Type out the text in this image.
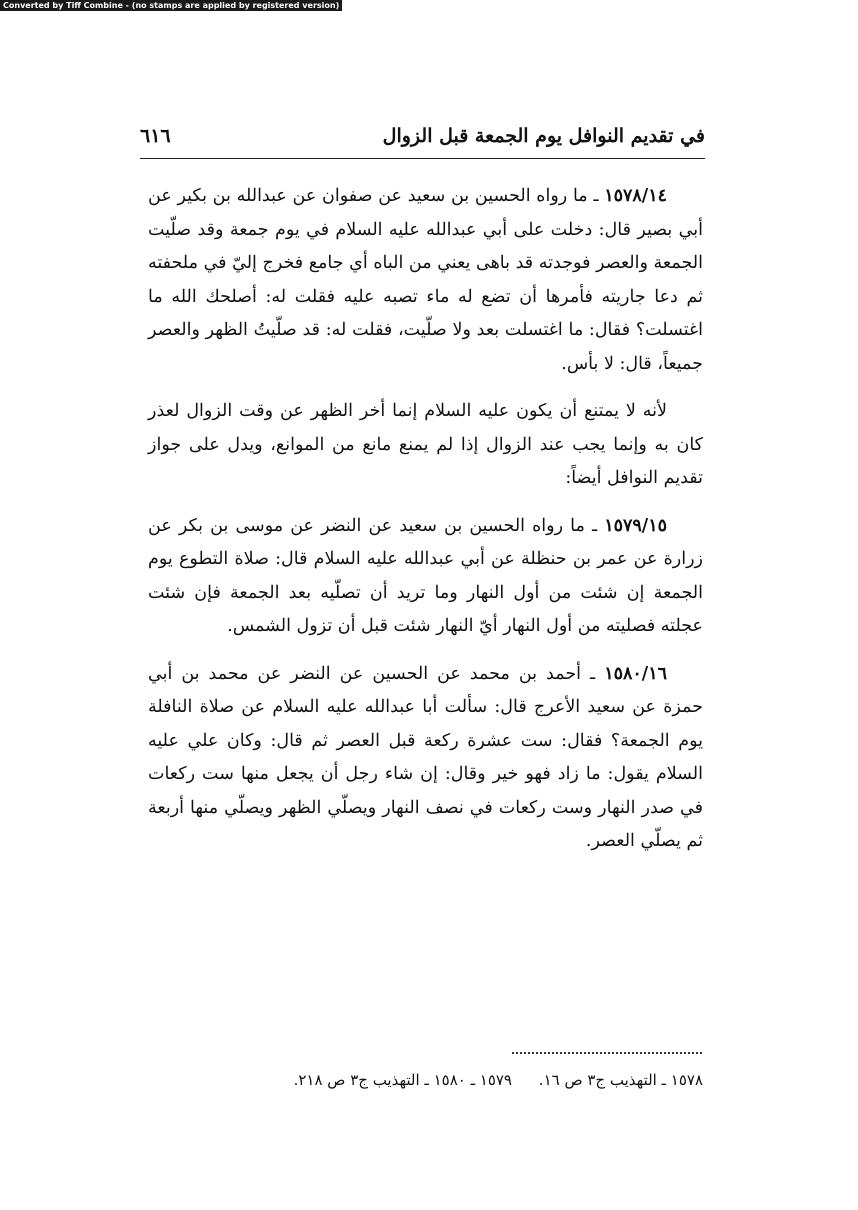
Converted by Tiff Combine - (no stamps are applied by registered version)
في تقديم النوافل يوم الجمعة قبل الزوال
٦١٦

١٥٧٨/١٤ ـ ما رواه الحسين بن سعيد عن صفوان عن عبدالله بن بكير عن أبي بصير قال: دخلت على أبي عبدالله عليه السلام في يوم جمعة وقد صلّيت الجمعة والعصر فوجدته قد باهى يعني من الباه أي جامع فخرج إليّ في ملحفته ثم دعا جاريته فأمرها أن تضع له ماء تصبه عليه فقلت له: أصلحك الله ما اغتسلت؟ فقال: ما اغتسلت بعد ولا صلّيت، فقلت له: قد صلّيتُ الظهر والعصر جميعاً، قال: لا بأس.

لأنه لا يمتنع أن يكون عليه السلام إنما أخر الظهر عن وقت الزوال لعذر كان به وإنما يجب عند الزوال إذا لم يمنع مانع من الموانع، ويدل على جواز تقديم النوافل أيضاً:

١٥٧٩/١٥ ـ ما رواه الحسين بن سعيد عن النضر عن موسى بن بكر عن زرارة عن عمر بن حنظلة عن أبي عبدالله عليه السلام قال: صلاة التطوع يوم الجمعة إن شئت من أول النهار وما تريد أن تصلّيه بعد الجمعة فإن شئت عجلته فصليته من أول النهار أيّ النهار شئت قبل أن تزول الشمس.

١٥٨٠/١٦ ـ أحمد بن محمد عن الحسين عن النضر عن محمد بن أبي حمزة عن سعيد الأعرج قال: سألت أبا عبدالله عليه السلام عن صلاة النافلة يوم الجمعة؟ فقال: ست عشرة ركعة قبل العصر ثم قال: وكان علي عليه السلام يقول: ما زاد فهو خير وقال: إن شاء رجل أن يجعل منها ست ركعات في صدر النهار وست ركعات في نصف النهار ويصلّي الظهر ويصلّي منها أربعة ثم يصلّي العصر.

١٥٧٨ ـ التهذيب ج٣ ص ١٦. ١٥٧٩ ـ ١٥٨٠ ـ التهذيب ج٣ ص ٢١٨.
